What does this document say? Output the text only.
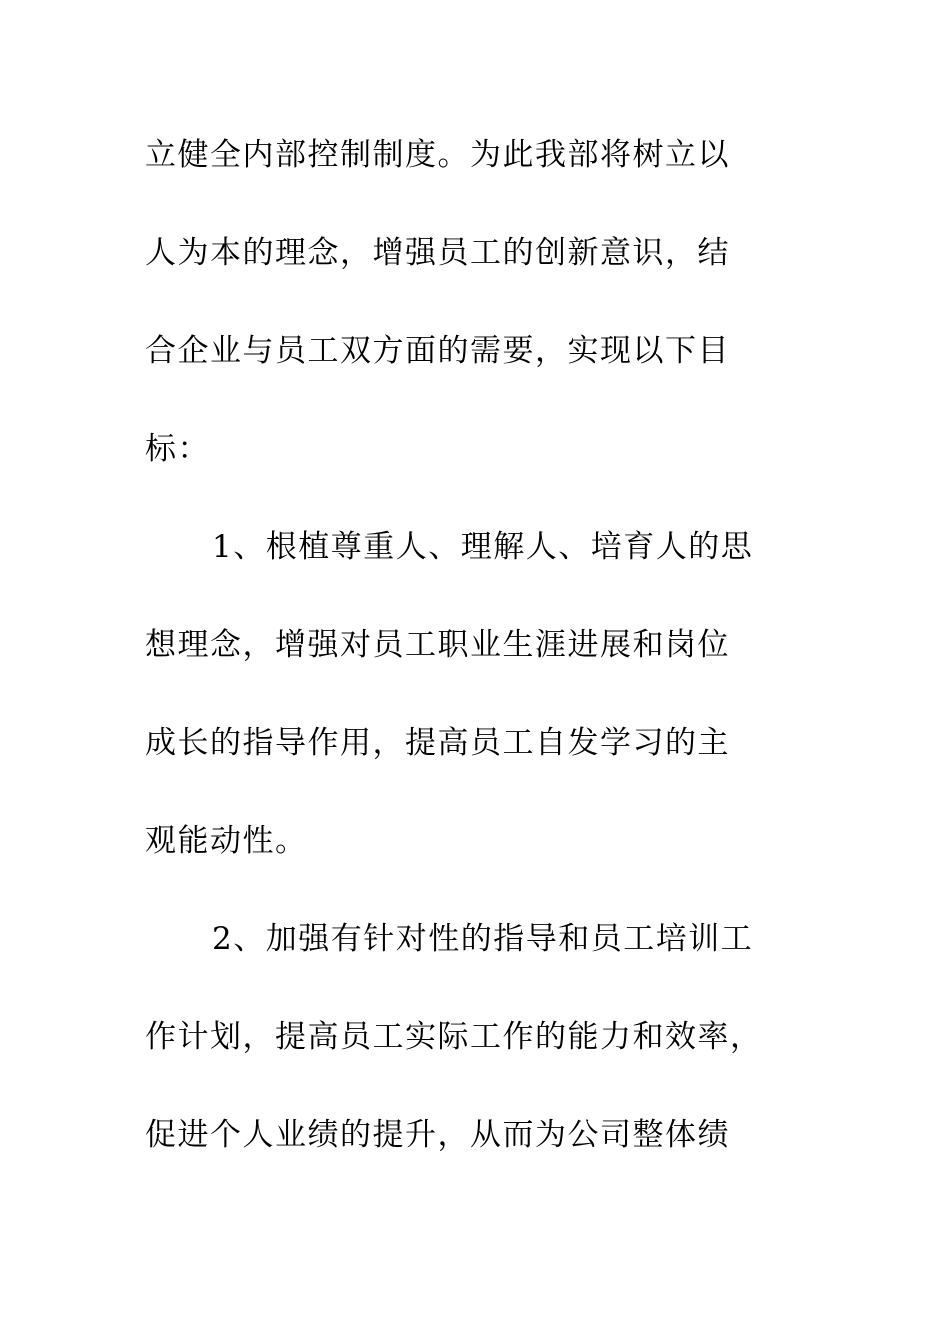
立健全内部控制制度。为此我部将树立以
人为本的理念，增强员工的创新意识，结
合企业与员工双方面的需要，实现以下目
标：
1、根植尊重人、理解人、培育人的思
想理念，增强对员工职业生涯进展和岗位
成长的指导作用，提高员工自发学习的主
观能动性。
2、加强有针对性的指导和员工培训工
作计划，提高员工实际工作的能力和效率，
促进个人业绩的提升，从而为公司整体绩
